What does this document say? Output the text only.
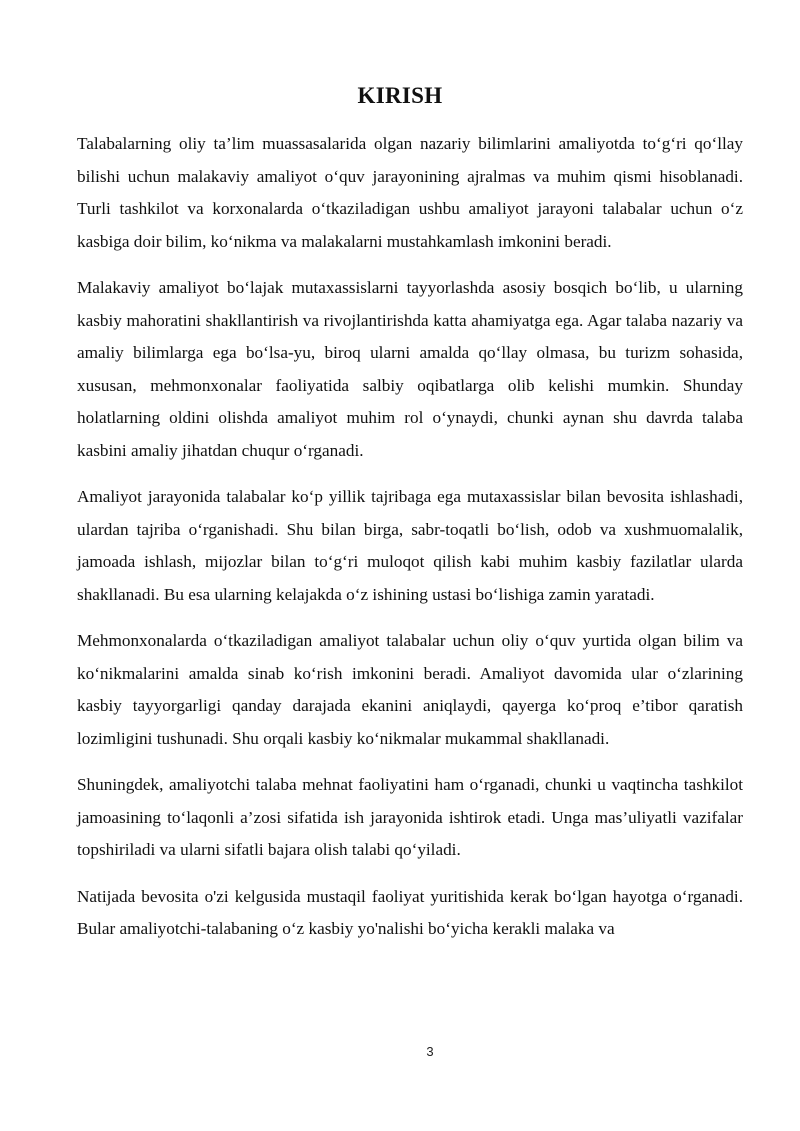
KIRISH

Talabalarning oliy ta’lim muassasalarida olgan nazariy bilimlarini amaliyotda to‘g‘ri qo‘llay bilishi uchun malakaviy amaliyot o‘quv jarayonining ajralmas va muhim qismi hisoblanadi. Turli tashkilot va korxonalarda o‘tkaziladigan ushbu amaliyot jarayoni talabalar uchun o‘z kasbiga doir bilim, ko‘nikma va malakalarni mustahkamlash imkonini beradi.

Malakaviy amaliyot bo‘lajak mutaxassislarni tayyorlashda asosiy bosqich bo‘lib, u ularning kasbiy mahoratini shakllantirish va rivojlantirishda katta ahamiyatga ega. Agar talaba nazariy va amaliy bilimlarga ega bo‘lsa-yu, biroq ularni amalda qo‘llay olmasa, bu turizm sohasida, xususan, mehmonxonalar faoliyatida salbiy oqibatlarga olib kelishi mumkin. Shunday holatlarning oldini olishda amaliyot muhim rol o‘ynaydi, chunki aynan shu davrda talaba kasbini amaliy jihatdan chuqur o‘rganadi.

Amaliyot jarayonida talabalar ko‘p yillik tajribaga ega mutaxassislar bilan bevosita ishlashadi, ulardan tajriba o‘rganishadi. Shu bilan birga, sabr-toqatli bo‘lish, odob va xushmuomalalik, jamoada ishlash, mijozlar bilan to‘g‘ri muloqot qilish kabi muhim kasbiy fazilatlar ularda shakllanadi. Bu esa ularning kelajakda o‘z ishining ustasi bo‘lishiga zamin yaratadi.

Mehmonxonalarda o‘tkaziladigan amaliyot talabalar uchun oliy o‘quv yurtida olgan bilim va ko‘nikmalarini amalda sinab ko‘rish imkonini beradi. Amaliyot davomida ular o‘zlarining kasbiy tayyorgarligi qanday darajada ekanini aniqlaydi, qayerga ko‘proq e’tibor qaratish lozimligini tushunadi. Shu orqali kasbiy ko‘nikmalar mukammal shakllanadi.

Shuningdek, amaliyotchi talaba mehnat faoliyatini ham o‘rganadi, chunki u vaqtincha tashkilot jamoasining to‘laqonli a’zosi sifatida ish jarayonida ishtirok etadi. Unga mas’uliyatli vazifalar topshiriladi va ularni sifatli bajara olish talabi qo‘yiladi.

Natijada bevosita o'zi kelgusida mustaqil faoliyat yuritishida kerak bo‘lgan hayotga o‘rganadi. Bular amaliyotchi-talabaning o‘z kasbiy yo'nalishi bo‘yicha kerakli malaka va

3
